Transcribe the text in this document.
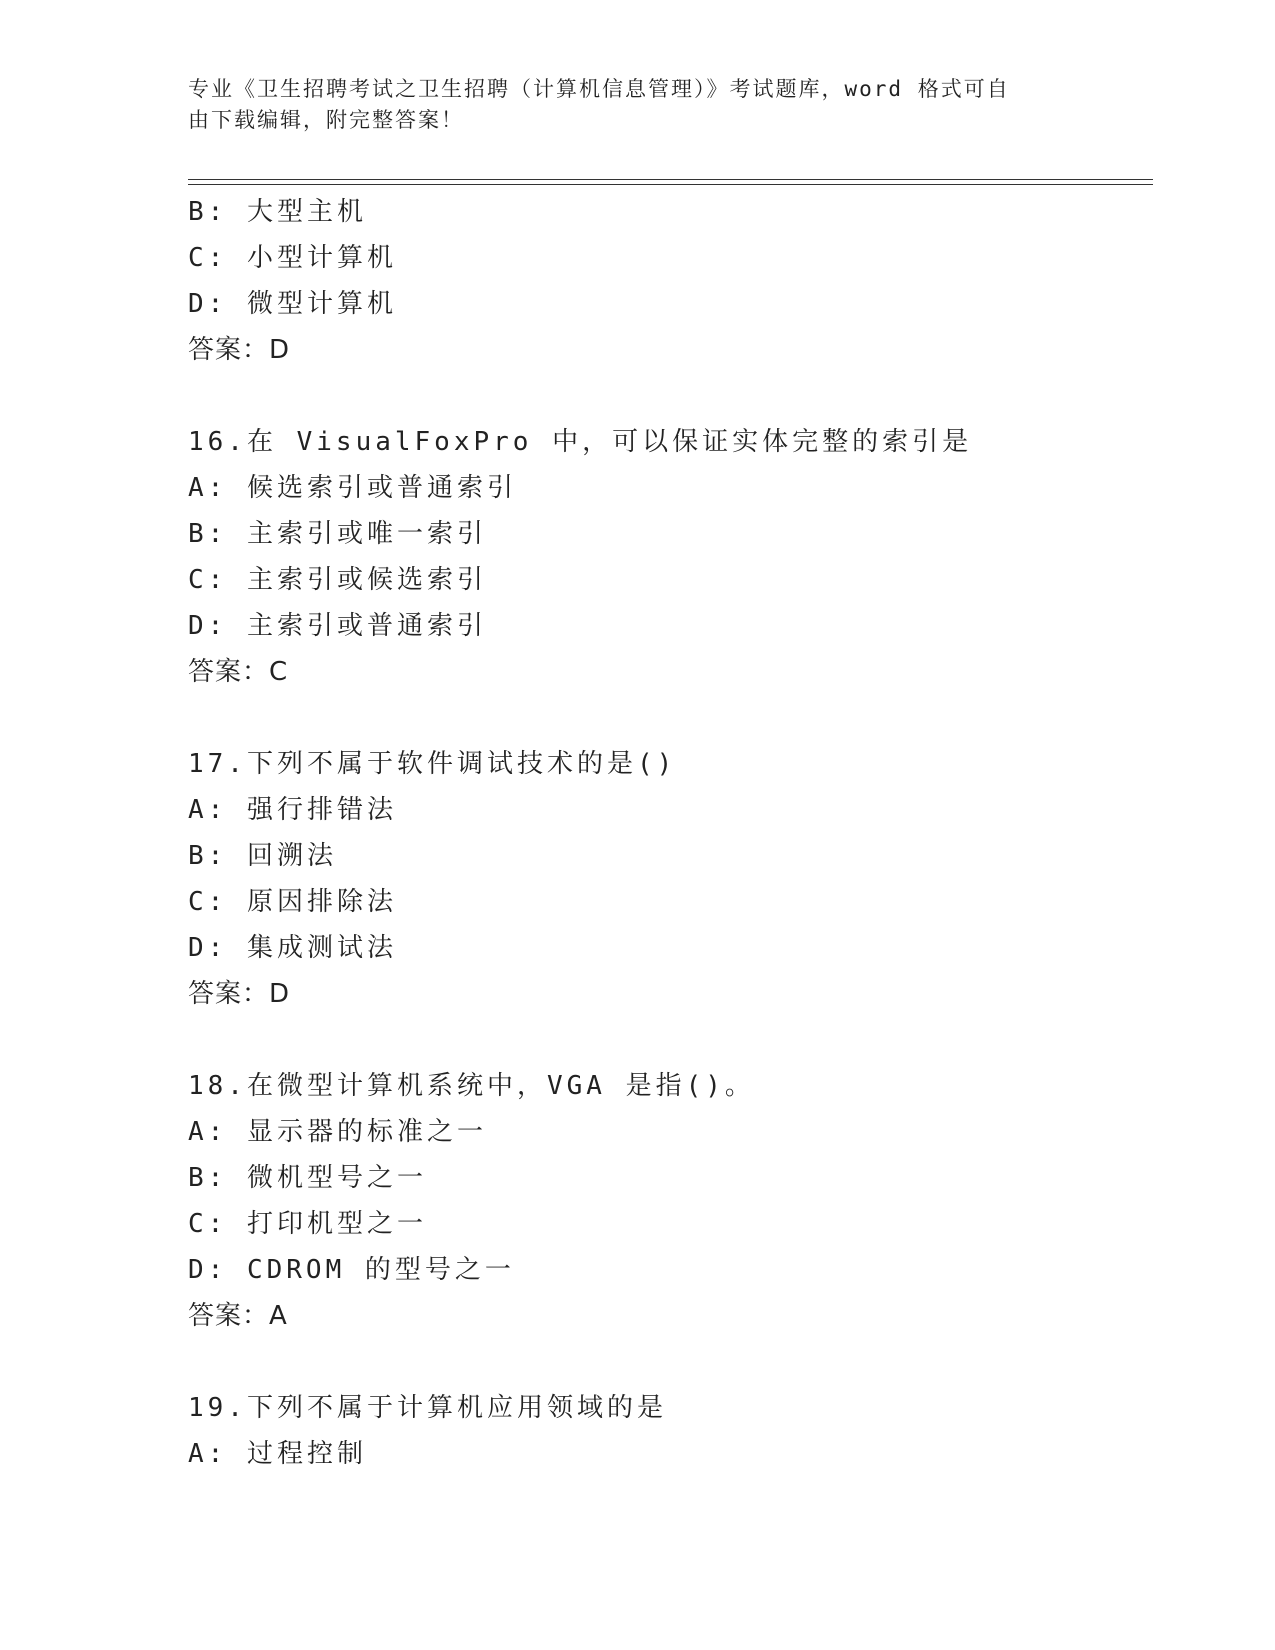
专业《卫生招聘考试之卫生招聘（计算机信息管理）》考试题库，word 格式可自

由下载编辑，附完整答案！

B: 大型主机
C: 小型计算机
D: 微型计算机
答案：D
16.在 VisualFoxPro 中，可以保证实体完整的索引是
A: 候选索引或普通索引
B: 主索引或唯一索引
C: 主索引或候选索引
D: 主索引或普通索引
答案：C
17.下列不属于软件调试技术的是()
A: 强行排错法
B: 回溯法
C: 原因排除法
D: 集成测试法
答案：D
18.在微型计算机系统中，VGA 是指()。
A: 显示器的标准之一
B: 微机型号之一
C: 打印机型之一
D: CDROM 的型号之一
答案：A
19.下列不属于计算机应用领域的是
A: 过程控制
